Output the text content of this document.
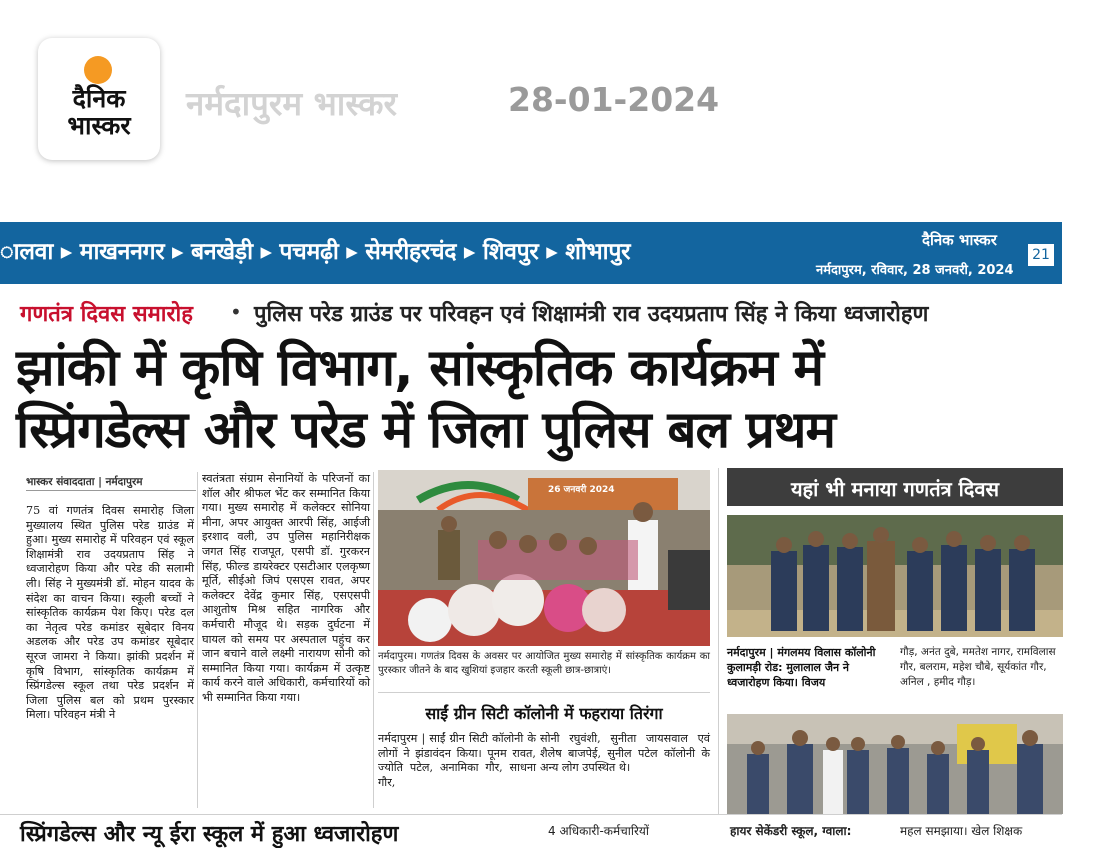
दैनिक
भास्कर
नर्मदापुरम भास्कर	28-01-2024
ालवा ▸ माखननगर ▸ बनखेड़ी ▸ पचमढ़ी ▸ सेमरीहरचंद ▸ शिवपुर ▸ शोभापुर	दैनिक भास्कर
नर्मदापुरम, रविवार, 28 जनवरी, 2024
21
गणतंत्र दिवस समारोह • पुलिस परेड ग्राउंड पर परिवहन एवं शिक्षामंत्री राव उदयप्रताप सिंह ने किया ध्वजारोहण
झांकी में कृषि विभाग, सांस्कृतिक कार्यक्रम में
स्प्रिंगडेल्स और परेड में जिला पुलिस बल प्रथम
भास्कर संवाददाता | नर्मदापुरम
75 वां गणतंत्र दिवस समारोह जिला मुख्यालय स्थित पुलिस परेड ग्राउंड में हुआ। मुख्य समारोह में परिवहन एवं स्कूल शिक्षामंत्री राव उदयप्रताप सिंह ने ध्वजारोहण किया और परेड की सलामी ली। सिंह ने मुख्यमंत्री डॉ. मोहन यादव के संदेश का वाचन किया। स्कूली बच्चों ने सांस्कृतिक कार्यक्रम पेश किए। परेड दल का नेतृत्व परेड कमांडर सूबेदार विनय अडलक और परेड उप कमांडर सूबेदार सूरज जामरा ने किया। झांकी प्रदर्शन में कृषि विभाग, सांस्कृतिक कार्यक्रम में स्प्रिंगडेल्स स्कूल तथा परेड प्रदर्शन में जिला पुलिस बल को प्रथम पुरस्कार मिला। परिवहन मंत्री ने
स्वतंत्रता संग्राम सेनानियों के परिजनों का शॉल और श्रीफल भेंट कर सम्मानित किया गया। मुख्य समारोह में कलेक्टर सोनिया मीना, अपर आयुक्त आरपी सिंह, आईजी इरशाद वली, उप पुलिस महानिरीक्षक जगत सिंह राजपूत, एसपी डॉ. गुरकरन सिंह, फील्ड डायरेक्टर एसटीआर एलकृष्ण मूर्ति, सीईओ जिपं एसएस रावत, अपर कलेक्टर देवेंद्र कुमार सिंह, एसएसपी आशुतोष मिश्र सहित नागरिक और कर्मचारी मौजूद थे। सड़क दुर्घटना में घायल को समय पर अस्पताल पहुंच कर जान बचाने वाले लक्ष्मी नारायण सोनी को सम्मानित किया गया। कार्यक्रम में उत्कृष्ट कार्य करने वाले अधिकारी, कर्मचारियों को भी सम्मानित किया गया।
26 जनवरी 2024
नर्मदापुरम। गणतंत्र दिवस के अवसर पर आयोजित मुख्य समारोह में सांस्कृतिक कार्यक्रम का पुरस्कार जीतने के बाद खुशियां इजहार करती स्कूली छात्र-छात्राएं।
साईं ग्रीन सिटी कॉलोनी में फहराया तिरंगा
नर्मदापुरम | साईं ग्रीन सिटी कॉलोनी के लोगों ने झंडावंदन किया। पूनम रावत, ज्योति पटेल, अनामिका गौर, साधना गौर,
सोनी रघुवंशी, सुनीता जायसवाल एवं शैलेष बाजपेई, सुनील पटेल कॉलोनी के अन्य लोग उपस्थित थे।
यहां भी मनाया गणतंत्र दिवस
नर्मदापुरम | मंगलमय विलास कॉलोनी कुलामड़ी रोड: मुलालाल जैन ने ध्वजारोहण किया। विजय
गौड़, अनंत दुबे, ममतेश नागर, रामविलास गौर, बलराम, महेश चौबे, सूर्यकांत गौर, अनिल , हमीद गौड़।
स्प्रिंगडेल्स और न्यू ईरा स्कूल में हुआ ध्वजारोहण	4 अधिकारी-कर्मचारियों	हायर सेकेंडरी स्कूल, ग्वाला:	महल समझाया। खेल शिक्षक
